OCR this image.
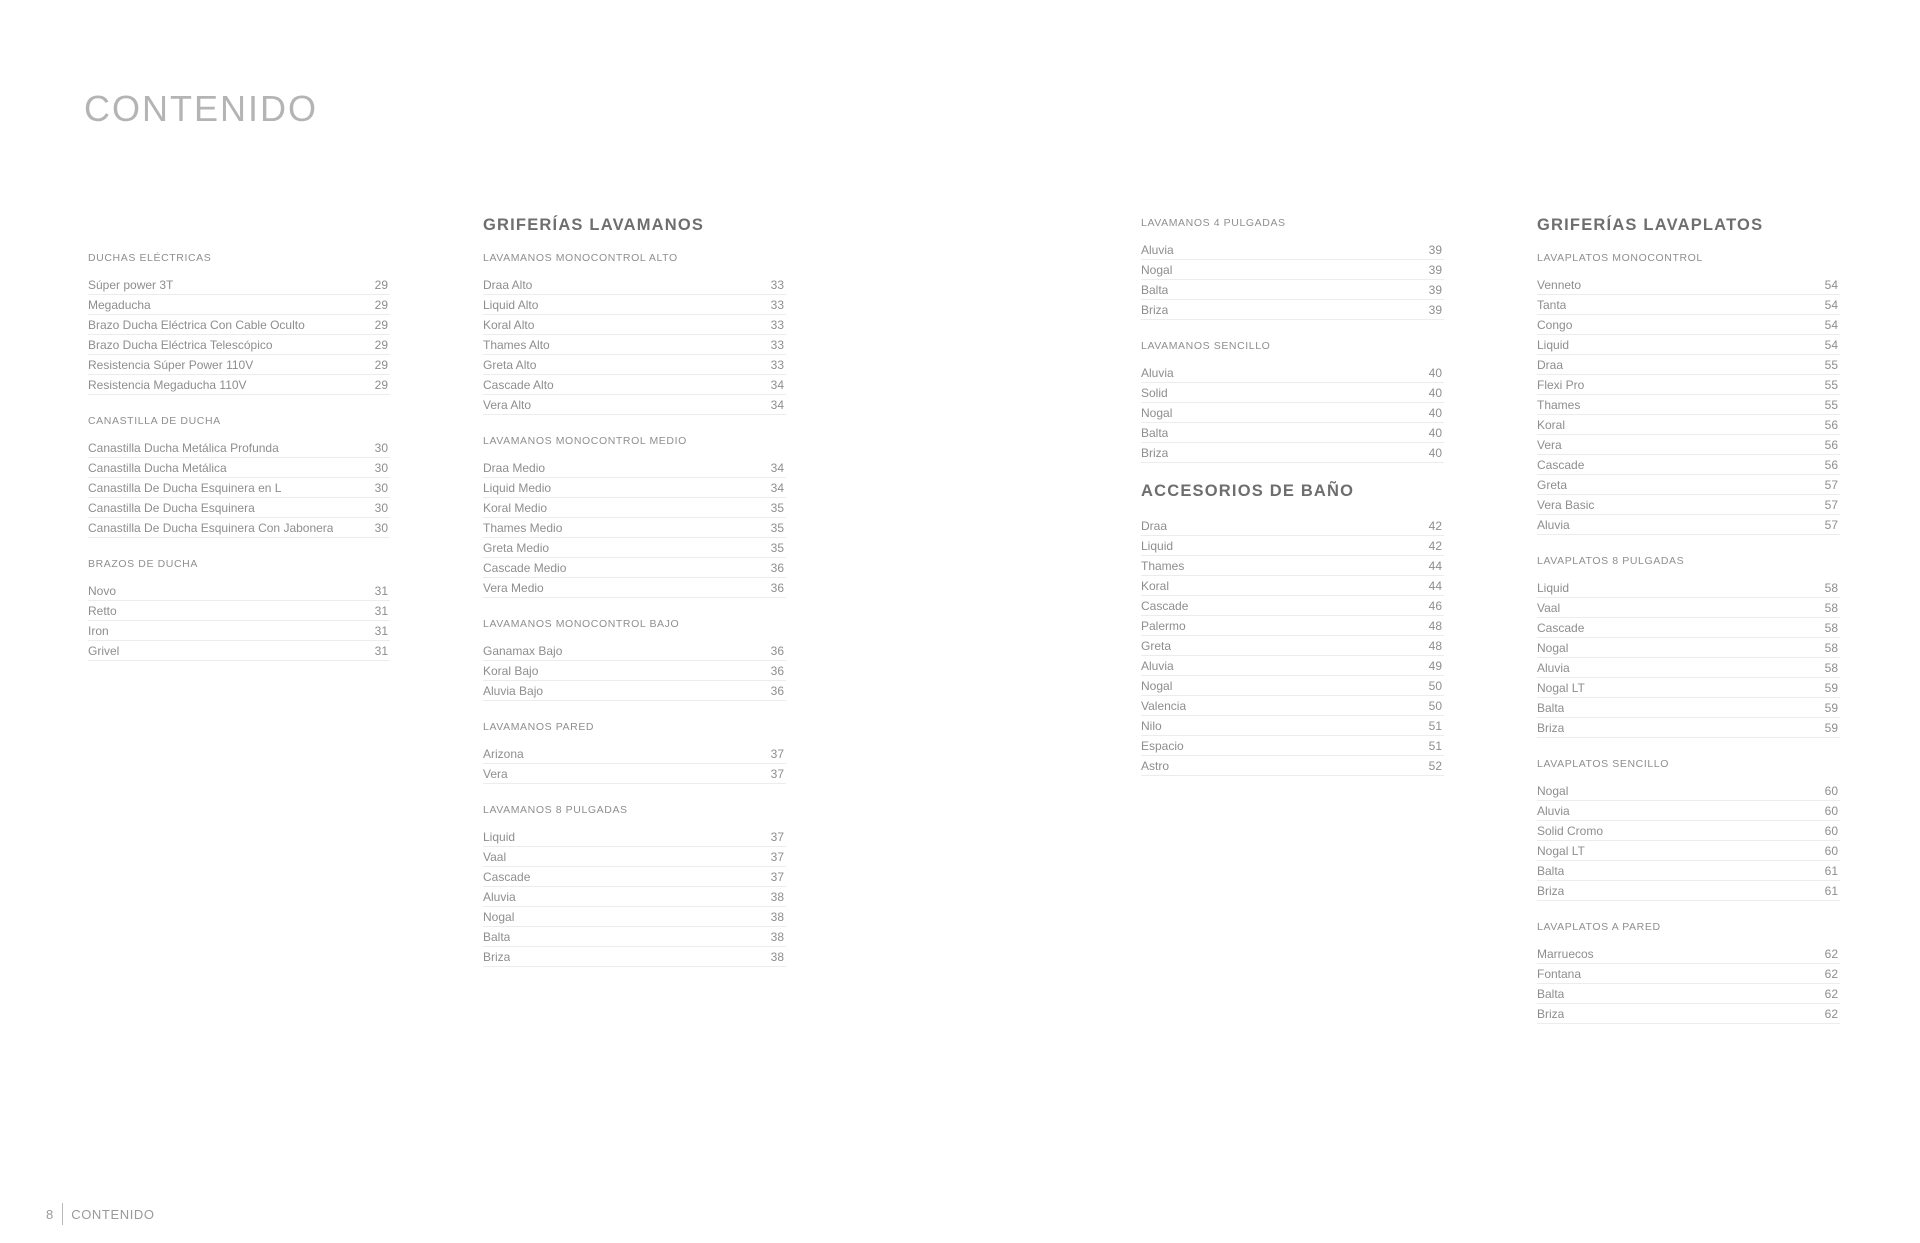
CONTENIDO
DUCHAS ELÉCTRICAS
Súper power 3T	29
Megaducha	29
Brazo Ducha Eléctrica Con Cable Oculto	29
Brazo Ducha Eléctrica Telescópico	29
Resistencia Súper Power 110V	29
Resistencia Megaducha 110V	29
CANASTILLA DE DUCHA
Canastilla Ducha Metálica Profunda	30
Canastilla Ducha Metálica	30
Canastilla De Ducha Esquinera en L	30
Canastilla De Ducha Esquinera	30
Canastilla De Ducha Esquinera Con Jabonera	30
BRAZOS DE DUCHA
Novo	31
Retto	31
Iron	31
Grivel	31
GRIFERÍAS LAVAMANOS
LAVAMANOS MONOCONTROL ALTO
Draa Alto	33
Liquid Alto	33
Koral Alto	33
Thames Alto	33
Greta Alto	33
Cascade Alto	34
Vera Alto	34
LAVAMANOS MONOCONTROL MEDIO
Draa Medio	34
Liquid Medio	34
Koral Medio	35
Thames Medio	35
Greta Medio	35
Cascade Medio	36
Vera Medio	36
LAVAMANOS MONOCONTROL BAJO
Ganamax Bajo	36
Koral Bajo	36
Aluvia Bajo	36
LAVAMANOS PARED
Arizona	37
Vera	37
LAVAMANOS 8 PULGADAS
Liquid	37
Vaal	37
Cascade	37
Aluvia	38
Nogal	38
Balta	38
Briza	38
LAVAMANOS 4 PULGADAS
Aluvia	39
Nogal	39
Balta	39
Briza	39
LAVAMANOS SENCILLO
Aluvia	40
Solid	40
Nogal	40
Balta	40
Briza	40
ACCESORIOS DE BAÑO
Draa	42
Liquid	42
Thames	44
Koral	44
Cascade	46
Palermo	48
Greta	48
Aluvia	49
Nogal	50
Valencia	50
Nilo	51
Espacio	51
Astro	52
GRIFERÍAS LAVAPLATOS
LAVAPLATOS MONOCONTROL
Venneto	54
Tanta	54
Congo	54
Liquid	54
Draa	55
Flexi Pro	55
Thames	55
Koral	56
Vera	56
Cascade	56
Greta	57
Vera Basic	57
Aluvia	57
LAVAPLATOS 8 PULGADAS
Liquid	58
Vaal	58
Cascade	58
Nogal	58
Aluvia	58
Nogal LT	59
Balta	59
Briza	59
LAVAPLATOS SENCILLO
Nogal	60
Aluvia	60
Solid Cromo	60
Nogal LT	60
Balta	61
Briza	61
LAVAPLATOS A PARED
Marruecos	62
Fontana	62
Balta	62
Briza	62
8 CONTENIDO
